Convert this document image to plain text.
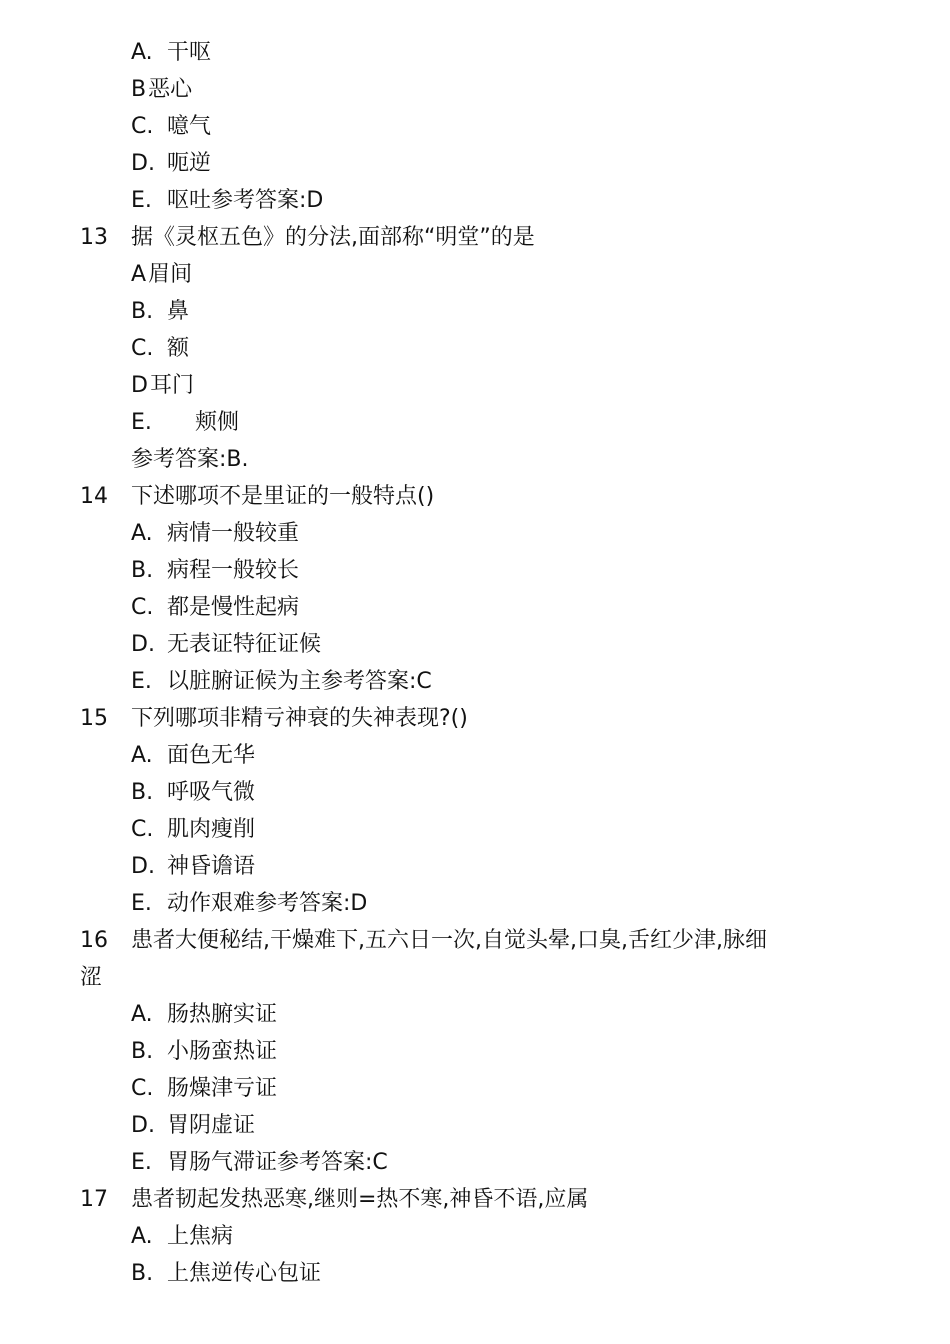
A. 干呕
B恶心
C. 噫气
D. 呃逆
E. 呕吐参考答案:D
13 据《灵枢五色》的分法,面部称“明堂”的是
A眉间
B. 鼻
C. 额
D耳门
E. 颊侧
参考答案:B.
14 下述哪项不是里证的一般特点()
A. 病情一般较重
B. 病程一般较长
C. 都是慢性起病
D. 无表证特征证候
E. 以脏腑证候为主参考答案:C
15 下列哪项非精亏神衰的失神表现?()
A. 面色无华
B. 呼吸气微
C. 肌肉瘦削
D. 神昏谵语
E. 动作艰难参考答案:D
16 患者大便秘结,干燥难下,五六日一次,自觉头晕,口臭,舌红少津,脉细
涩
A. 肠热腑实证
B. 小肠蛮热证
C. 肠燥津亏证
D. 胃阴虚证
E. 胃肠气滞证参考答案:C
17 患者韧起发热恶寒,继则=热不寒,神昏不语,应属
A. 上焦病
B. 上焦逆传心包证
